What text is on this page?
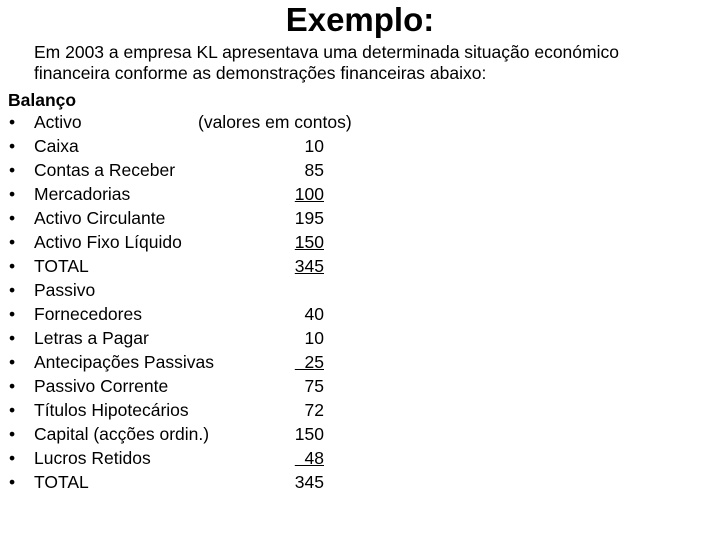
Exemplo:
Em 2003 a empresa KL apresentava uma determinada situação económico
financeira conforme as demonstrações financeiras abaixo:
Balanço
• Activo	(valores em contos)
• Caixa	10
• Contas a Receber	85
• Mercadorias	100
• Activo Circulante	195
• Activo Fixo Líquido	150
• TOTAL	345
• Passivo
• Fornecedores	40
• Letras a Pagar	10
• Antecipações Passivas	25
• Passivo Corrente	75
• Títulos Hipotecários	72
• Capital (acções ordin.)	150
• Lucros Retidos	48
• TOTAL	345
